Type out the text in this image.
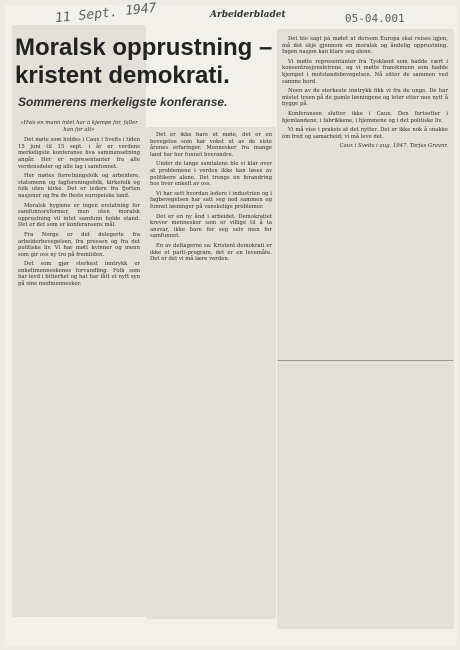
11 Sept. 1947	05-04.001
Arbeiderbladet
Moralsk opprustning – kristent demokrati.
Sommerens merkeligste konferanse.

«Hvis en mann intet har å kjempe for, faller han for alt»

Det møte som holdes i Caux i Sveits i tiden 15 juni til 15 sept. i år er verdens merkeligste konferanse hva sammensetning angår. Her er representanter fra alle verdensdeler og alle lag i samfunnet.

Her møtes forretningsfolk og arbeidere, statsmenn og fagforeningsfolk, kirkefolk og folk uten kirke. Det er ledere fra fjorten nasjoner og fra de fleste europeiske land.

Moralsk hygiene er ingen erstatning for samfunnsreformer, men uten moralsk opprustning vil intet samfunn holde stand. Det er det som er konferansens mål.

Fra Norge er det delegerte fra arbeiderbevegelsen, fra pressen og fra det politiske liv. Vi har møtt kvinner og menn som gir oss ny tro på fremtiden.

Det som gjør sterkest inntrykk er enkeltmenneskenes forvandling. Folk som har levd i bitterhet og hat har fått et nytt syn på sine medmennesker.

Det er ikke bare et møte, det er en bevegelse som har vokst ut av de siste årenes erfaringer. Mennesker fra mange land har her funnet hverandre.

Under de lange samtalene ble vi klar over at problemene i verden ikke kan løses av politikere alene. Det trengs en forandring hos hver enkelt av oss.

Vi har sett hvordan ledere i industrien og i fagbevegelsen har satt seg ned sammen og funnet løsninger på vanskelige problemer.

Det er en ny ånd i arbeidet. Demokratiet krever mennesker som er villige til å ta ansvar, ikke bare for seg selv men for samfunnet.

En av deltagerne sa: Kristent demokrati er ikke et parti-program, det er en levemåte. Det er det vi må lære verden.

Det ble sagt på møtet at dersom Europa skal reises igjen, må det skje gjennom en moralsk og åndelig opprustning. Ingen nasjon kan klare seg alene.

Vi møtte representanter fra Tyskland som hadde vært i konsentrasjonsleirene, og vi møtte franskmenn som hadde kjempet i motstandsbevegelsen. Nå sitter de sammen ved samme bord.

Noen av de sterkeste inntrykk fikk vi fra de unge. De har mistet troen på de gamle løsningene og leter etter noe nytt å bygge på.

Konferansen slutter ikke i Caux. Den fortsetter i hjemlandene, i fabrikkene, i hjemmene og i det politiske liv.

Vi må vise i praksis at det nytter. Det er ikke nok å snakke om fred og samarbeid; vi må leve det.

Caux i Sveits i aug. 1947. Torjus Gravnr.
